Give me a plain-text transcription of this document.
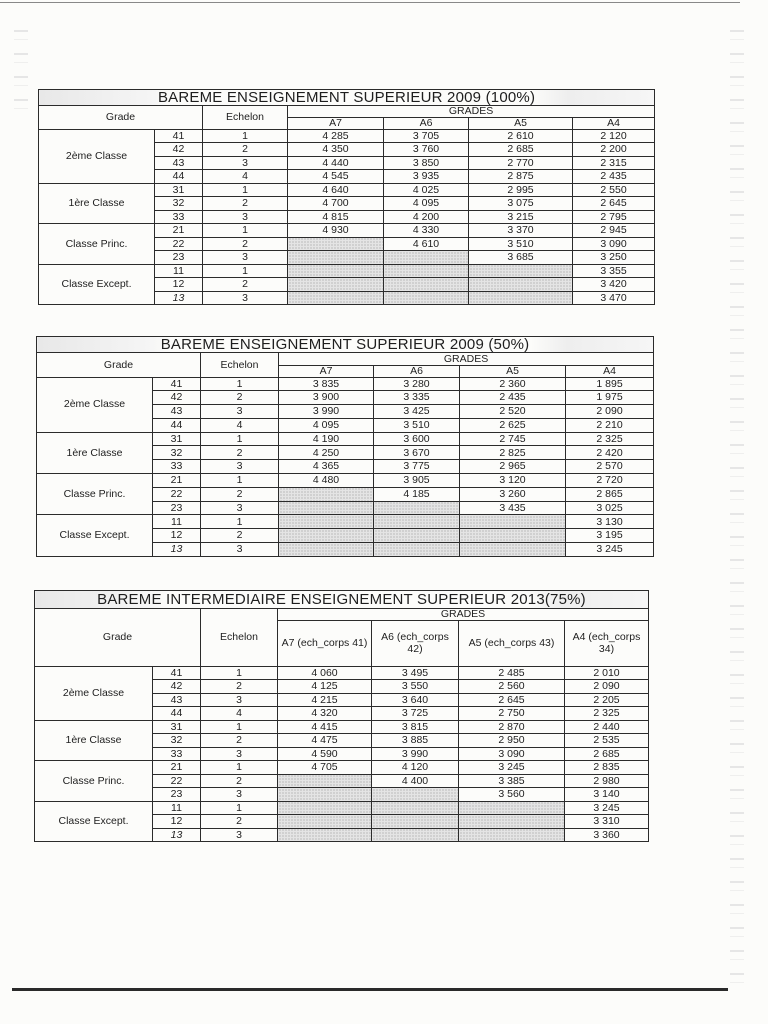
BAREME ENSEIGNEMENT SUPERIEUR 2009 (100%)						
Grade		Echelon	GRADES			
			A7	A6	A5	A4
2ème Classe	41	1	4 285	3 705	2 610	2 120
	42	2	4 350	3 760	2 685	2 200
	43	3	4 440	3 850	2 770	2 315
	44	4	4 545	3 935	2 875	2 435
1ère Classe	31	1	4 640	4 025	2 995	2 550
	32	2	4 700	4 095	3 075	2 645
	33	3	4 815	4 200	3 215	2 795
Classe Princ.	21	1	4 930	4 330	3 370	2 945
	22	2		4 610	3 510	3 090
	23	3			3 685	3 250
Classe Except.	11	1				3 355
	12	2				3 420
	13	3				3 470
BAREME ENSEIGNEMENT SUPERIEUR 2009 (50%)						
Grade		Echelon	GRADES			
			A7	A6	A5	A4
2ème Classe	41	1	3 835	3 280	2 360	1 895
	42	2	3 900	3 335	2 435	1 975
	43	3	3 990	3 425	2 520	2 090
	44	4	4 095	3 510	2 625	2 210
1ère Classe	31	1	4 190	3 600	2 745	2 325
	32	2	4 250	3 670	2 825	2 420
	33	3	4 365	3 775	2 965	2 570
Classe Princ.	21	1	4 480	3 905	3 120	2 720
	22	2		4 185	3 260	2 865
	23	3			3 435	3 025
Classe Except.	11	1				3 130
	12	2				3 195
	13	3				3 245
BAREME INTERMEDIAIRE ENSEIGNEMENT SUPERIEUR 2013(75%)						
Grade		Echelon	GRADES			
			A7 (ech_corps 41)	A6 (ech_corps 42)	A5 (ech_corps 43)	A4 (ech_corps 34)
2ème Classe	41	1	4 060	3 495	2 485	2 010
	42	2	4 125	3 550	2 560	2 090
	43	3	4 215	3 640	2 645	2 205
	44	4	4 320	3 725	2 750	2 325
1ère Classe	31	1	4 415	3 815	2 870	2 440
	32	2	4 475	3 885	2 950	2 535
	33	3	4 590	3 990	3 090	2 685
Classe Princ.	21	1	4 705	4 120	3 245	2 835
	22	2		4 400	3 385	2 980
	23	3			3 560	3 140
Classe Except.	11	1				3 245
	12	2				3 310
	13	3				3 360
